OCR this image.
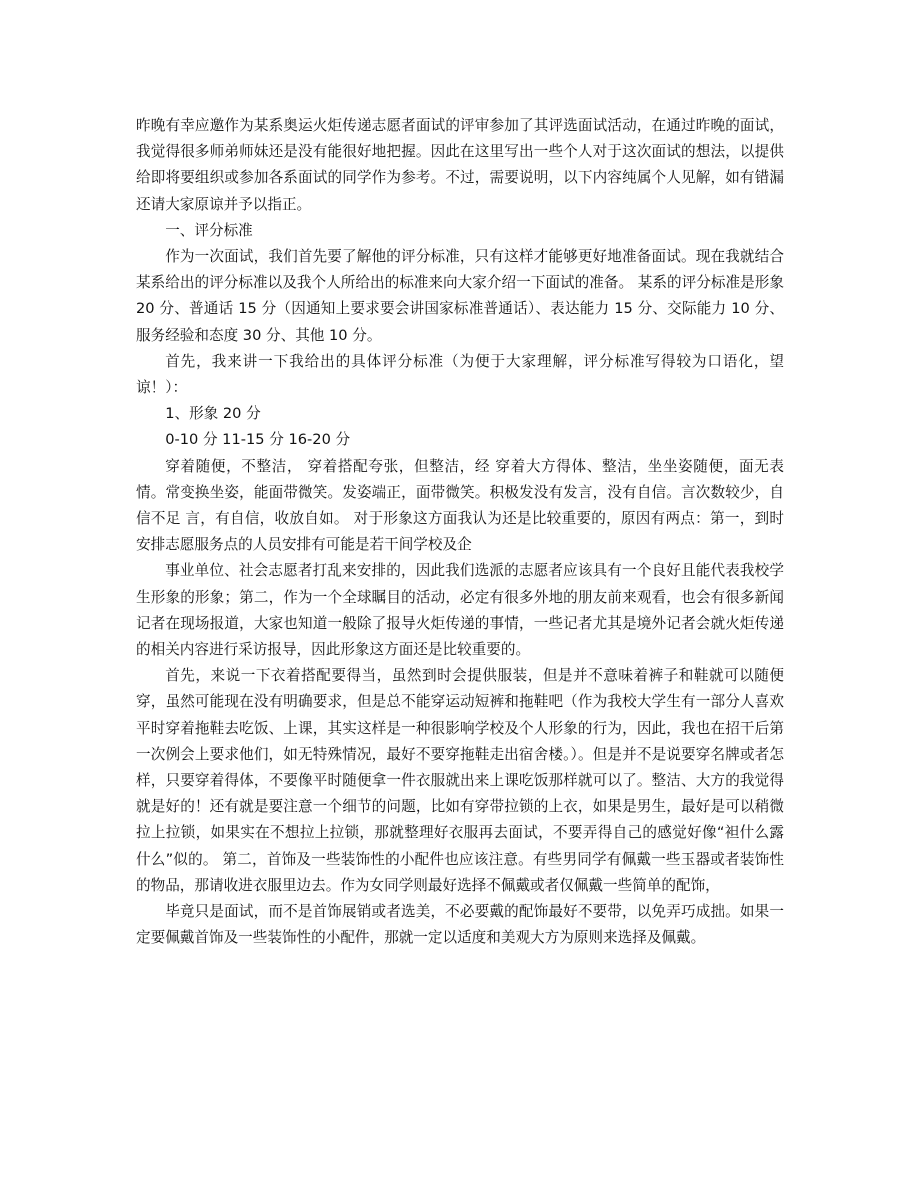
昨晚有幸应邀作为某系奥运火炬传递志愿者面试的评审参加了其评选面试活动，在通过昨晚的面试，我觉得很多师弟师妹还是没有能很好地把握。因此在这里写出一些个人对于这次面试的想法，以提供给即将要组织或参加各系面试的同学作为参考。不过，需要说明，以下内容纯属个人见解，如有错漏还请大家原谅并予以指正。

一、评分标准

作为一次面试，我们首先要了解他的评分标准，只有这样才能够更好地准备面试。现在我就结合某系给出的评分标准以及我个人所给出的标准来向大家介绍一下面试的准备。 某系的评分标准是形象 20 分、普通话 15 分（因通知上要求要会讲国家标准普通话）、表达能力 15 分、交际能力 10 分、服务经验和态度 30 分、其他 10 分。

首先，我来讲一下我给出的具体评分标准（为便于大家理解，评分标准写得较为口语化，望谅！）：

1、形象 20 分

0-10 分 11-15 分 16-20 分

穿着随便，不整洁， 穿着搭配夸张，但整洁，经 穿着大方得体、整洁，坐坐姿随便，面无表情。常变换坐姿，能面带微笑。发姿端正，面带微笑。积极发没有发言，没有自信。言次数较少，自信不足 言，有自信，收放自如。 对于形象这方面我认为还是比较重要的，原因有两点：第一，到时安排志愿服务点的人员安排有可能是若干间学校及企

事业单位、社会志愿者打乱来安排的，因此我们选派的志愿者应该具有一个良好且能代表我校学生形象的形象；第二，作为一个全球瞩目的活动，必定有很多外地的朋友前来观看，也会有很多新闻记者在现场报道，大家也知道一般除了报导火炬传递的事情，一些记者尤其是境外记者会就火炬传递的相关内容进行采访报导，因此形象这方面还是比较重要的。

首先，来说一下衣着搭配要得当，虽然到时会提供服装，但是并不意味着裤子和鞋就可以随便穿，虽然可能现在没有明确要求，但是总不能穿运动短裤和拖鞋吧（作为我校大学生有一部分人喜欢平时穿着拖鞋去吃饭、上课，其实这样是一种很影响学校及个人形象的行为，因此，我也在招干后第一次例会上要求他们，如无特殊情况，最好不要穿拖鞋走出宿舍楼。）。但是并不是说要穿名牌或者怎样，只要穿着得体，不要像平时随便拿一件衣服就出来上课吃饭那样就可以了。整洁、大方的我觉得就是好的！还有就是要注意一个细节的问题，比如有穿带拉锁的上衣，如果是男生，最好是可以稍微拉上拉锁，如果实在不想拉上拉锁，那就整理好衣服再去面试，不要弄得自己的感觉好像“袒什么露什么”似的。 第二，首饰及一些装饰性的小配件也应该注意。有些男同学有佩戴一些玉器或者装饰性的物品，那请收进衣服里边去。作为女同学则最好选择不佩戴或者仅佩戴一些简单的配饰，

毕竟只是面试，而不是首饰展销或者选美，不必要戴的配饰最好不要带，以免弄巧成拙。如果一定要佩戴首饰及一些装饰性的小配件，那就一定以适度和美观大方为原则来选择及佩戴。
